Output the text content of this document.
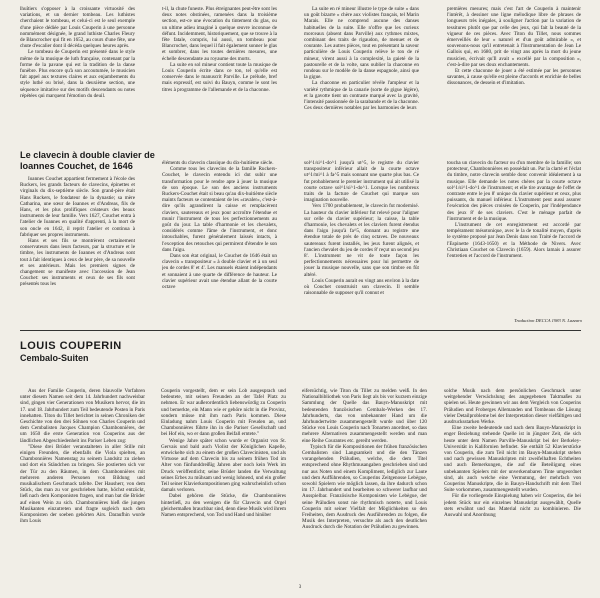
lhuîtiers s'opposer à la croissante virtuosité des variations, et un dernier tombeau. Les luthistes cherchaient le tombeau, et celui-ci est le seul exemple d'une pièce dédiée par Louis Couperin à une personne nommément désignée, le grand luthiste Charles Fleury de Blancrocher qui fit en 1652, au cours d'une fête, une chute d'escalier dont il décéda quelques heures après.

Le tombeau de Couperin est présenté dans le style même de la musique de luth française, contenant par la forme de la pavane qui est la tradition de la danse funèbre. Plus encore qu'à son accoutumée, le musicien fait appel aux textures claires et aux enjambements du style luthé ou brisé, dans la deuxième section, une séquence imitative sur des motifs descendants ou notes répétées qui marquent l'émotion du deuil.

t-il, la chute funeste. Plus étreignantes peut-être sont les deux notes obstinées, ramenées dans la troisième section, est-ce une évocation du tintement du glas, ou un ultime adieu imaginé à quelque œuvre inconnue de défunt. Incidemment, historiquement, que se trouve à la fête fatale, compris, lui aussi, un tombeau pour Blancrocher, dans lequel il fait également sonner le glas et sombrer, dans les toutes dernières mesures, une échelle descendante au royaume des morts.

La suite en sol mineur contient toute la musique de Louis Couperin écrite dans ce ton, tel qu'elle est conservée dans le manuscrit Parville. Le prélude, bref mais expressif, est suivi du Bauyn, comme le sont les titres à programme de l'allemande et de la chaconne.

La suite en ré mineur illustre le type de suite « dans un goût bizarre » chère aux violistes français, tel Marin Marais. Elle ne comprend aucune des danses habituelles de la suite. Elle n'offre que les curieux morceaux (absent dans Parville) aux rythmes mixtes, combinant des traits de rigaudon, de menuet et de courante. Les autres pièces, tout en présentant la saveur particulière de Louis Couperin relève le ton de ré mineur, virent aussi à la complexité, la gaieté de la pastourelle et de la volte, sans oublier la chaconne en rondeau sur le modèle de la danse espagnole, ainsi que la gigue.

La chaconne en particulier révèle l'ampleur et la variété rythmique de la canarie (sorte de gigue légère), et la gavotte tient un contraste marqué avec la gravité, l'intensité passionnée de la sarabande et de la chaconne. Ces deux dernières notables par les harmonies de leurs

premières mesures; mais c'est l'art de Couperin à maintenir l'intérêt, à dessiner une ligne mélodique libre de phrases de longueurs très inégales, à souligner l'action par la variation de tessitures plutôt que par celle des jeux, qui fait la beauté de la vigueur de ces pièces. Avec Titon du Tillet, nous sommes émerveillés de leur « naturel et d'un goût admirable », et souvenons-nous qu'il entretenait à l'Instrumentation de Jean Le Gallois qui, en 1680, prit de vingt ans après la mort du jeune musicien, écrivait qu'Il avait « excellé par la composition », c'est-à-dire par ses doux enchantements.

Et cette chaconne de jouer a été estimée par les personnes savantes, à cause qu'elle est pleine d'accords et enrichie de belles dissonances, de dessein et d'imitation.

Le clavecin à double clavier de Ioannes Couchet, de 1646

Ioannes Couchet appartient fermement à l'école des Ruckers, les grands facteurs de clavecins, épinettes et virginals du dix-septième siècle. Son grand-père était Hans Ruckers, le fondateur de la dynastie; sa mère Catharina, une sœur de Ioannes et d'Andreas, fils de Hans, et les plus prolifiques créateurs des beaux instruments de leur famille. Vers 1627, Couchet entra à l'atelier de Ioannes en qualité d'apprenti, à la mort de son oncle en 1642, il reprit l'atelier et continua à fabriquer ses propres instruments.

Hans et ses fils se montrèrent certainement conservateurs dans leurs facteurs, par la structure et le timbre, les instruments de Ioannes et d'Andreas sont tout à fait identiques à ceux de leur père, de sa nouvelle et ses antérieurs. Mais les premiers signes de changement se manifeste avec l'accession de Jean Couchet: ses instruments et ceux de ses fils sont présentés tous les

éléments du clavecin classique du dix-huitième siècle.

Comme tous les clavecins de la famille Ruckers-Couchet, le clavecin entendu ici dut subir une transformation pour le rendre apte à jouer la musique de son époque. Le son des anciens instruments Ruckers-Couchet était si beau qu'au dix-huitième siècle maints facteurs se contentaient de les «ravaler», c'est-à-dire qu'ils agrandirent la caisse et remplacèrent claviers, sautereaux et jeux pour accroître l'étendue et munir l'instrument de tous les perfectionnements au goût du jour. La table d'harmonie et les chevalets, considérés comme l'âme de l'instrument, et donc intouchables, furent généralement laissés intacts, à l'exception des retouches qui permirent d'étendre le son dans l'aigu.

Dans son état original, le Couchet de 1646 était un clavecin « transpositeur » à double clavier et à un seul jeu de cordes 8' et 4'. Les manuels étaient indépendants et sonnaient à une quarte de différence de hauteur. Le clavier supérieur avait une étendue allant de la courte octave

sol^1/si^1-do^1 jusqu'à ut^5, le registre du clavier transpositeur inférieur allait de la courte octave ut^1/mi^1 à fa^5 mais sonnant une quarte plus bas. Ce fut probablement le premier instrument qui ait utilisé la courte octave sol^1/si^1-do^1. Lorsque les nombreux traits de la facture de Couchet qui marque son imagination nouvelle.

Vers 1700 probablement, le clavecin fut modernisé. La hauteur du clavier inférieur fut relevé pour l'aligner sur celle du clavier supérieur; la caisse, la table d'harmonie, les chevalets et les claviers furent étendus dans l'aigu jusqu'à fa^5, donnant au registre une étendue totale de près de cinq octaves. De nouveaux sautereaux furent installés, les jeux furent alignés, et l'ancien chevalet du jeu de cordes 8' reçut un second jeu 8'. L'instrument ne vit de toute façon les perfectionnements nécessaires pour lui permettre de jouer la musique nouvelle, sans que son timbre en fût altéré.

Louis Couperin aurait eu vingt ans environ à la date où Couchet construisit son clavecin. Il semble raisonnable de supposer qu'il connut et

toucha un clavecin du facteur ou d'un membre de la famille; son protecteur, Chambonnières en possédait un. Par la clarté et l'éclat du timbre, notre clavecin semble donc convenir idéalement à sa musique. Elle demande les notes chères par la courte octave sol^1/si^1-do^1 de l'instrument; et elle tire avantage de l'effet de contraste entre le jeu 8' unique du clavier supérieur et ceux, plus puissants, du manuel inférieur. L'instrument peut aussi assurer l'exécution des pièces croisées de Couperin, par l'indépendance des jeux 8' de ses claviers. C'est le ménage parfait de l'instrument et de la musique.

L'instrument de cet enregistrement est accordé par tempérament mésotonique, avec le la de tonalité moyen, d'après le système proposé par Jean Denis dans son Traité de l'accord de l'Espinette (1643-1650) et la Méthode de Nivers. Avec Christiaan Couchet on Clavecin (1659). Alors lamais à assurer l'entretien et l'accord de l'instrument.

Traduction DECCA 1983 N. Lazzaro
LOUIS COUPERIN
Cembalo-Suiten

Aus der Familie Couperin, deren blauvolle Vorfahren unter diesem Namen seit dem 14. Jahrhundert nachweisbar sind, gingen vier Generationen von Musikern hervor, die im 17. und 18. Jahrhundert zum Teil bedeutende Posten in Paris innehatten. Titon du Tillet berichtet in seinen Chroniken der Geschichte von den drei Söhnen von Charles Couperin und dem Cembalisten Jacques Champion Chambonnières, der um 1650 die erste Generation von Couperins aus der ländlichen Abgeschiedenheit ins Pariser Leben zog:

"Diese drei Brüder veranstalteten in aller Stille mit einigen Freunden, die ebenfalls die Viola spielten, an Chambonnières Namenstag zu seinem Landsitz zu ziehen und dort ein Ständchen zu bringen. Sie postierten sich vor der Tür zu den Räumen, in dem Chambonnières mit mehreren anderen Personen von Bildung und musikalischem Geschmack tafelte. Der Hausherr, von dem Stück, das man zu vor geschrieben hatte, höchst entzückt, ließ nach dem Komponisten fragen, und man bat die Brüder auf einen Wein zu sich. Chambonnières hieß die jungen Musikanten einzutreten und fragte sogleich nach dem Komponisten der soeben gehörten Airs. Daraufhin wurde ihm Louis

Couperin vorgestellt, dem er sein Lob ausgesprach und bedeutete, mit seinen Freunden an der Tafel Platz zu nehmen. Er war außerordentlich liebenswürdig zu Couperin und bemerkte, ein Mann wie er gehöre nicht in die Provinz, sondern müsse mit ihm nach Paris kommen. Diese Einladung nahm Louis Couperin mit Freuden an, und Chambonnières führte ihn in die Pariser Gesellschaft und bei Hof ein, wo er dann großen Beifall erntete."

Wenige Jahre später schon wurde er Organist von St. Gervais und bald auch Violist der Königlichen Kapelle, entwickelte sich zu einem der großen Clavecinisten, und als Virtuose auf dem Clavecin bis zu seinem frühen Tod im Alter von fünfunddreißig Jahren aber noch kein Werk im Druck veröffentlicht; seine Brüder landen die Verwaltung seines Erbes zu mühsam und wenig lohnend, und ein großer Teil seiner Klavierkompositionen ging wahrscheinlich schon damals verloren.

Dabei gehören die Stücke, die Chambonnières hinterließ, zu den wenigen die für Clavecin und Orgel gleichermaßen brauchbar sind, denn diese Musik wird ihrem Namen entsprechend, von Tod und Hand und hinüber

eifersüchtig, wie Titon du Tillet zu melden weiß. In den Nationalbibliothek von Paris liegt als bis vor kurzem einzige Sammlung der Quelle das Bauyn-Manuskript mit bedeutenden französischen Cembalo-Werken des 17. Jahrhunderts, das von unbekannter Hand um die Jahrhundertwitte zusammengestellt wurde und über 120 Stücke von Louis Couperin nach Tonarten anordnet, so dass mehrere Alternativen zusammengestellt werden und man eine Reihe Courantes etc. gereiht werden.

Typisch für die Kompositionen der frühen französischen Cembalisten sind Langsamkeit und die den Tänzen vorangehenden Präludien, welche, die dem Titel entsprechend ohne Rhythmusangaben geschrieben sind und nur aus Noten und einem Kompliment, lediglich zur Laute und dem Aufführenden, so Couperins Zeitgenosse Lebègue, sowohl Spielern wie möglich lassen, da ihre dadurch schon im 17. Jahrhundert und bearbeiten so schwerer laufbar und Ausspielbar. Französische Komponisten wie Lebègue, der seine Präludien sonst nie rhythmisch noterte, und Louis Couperin mit seiner Vielfalt der Möglichkeiten so den Freiheiten, dem Ausdruck des Ausführenden zu folgen, die Musik des Interpreten, versuchte als auch den deutlichen Ausdruck durch die Notation der Präludien zu gewinnen.

solche Musik nach dem persönlichen Geschmack unter weitgehender Verwächslung des angegebenen Taktmaßes zu spielen sei. Heute gewinnen wir aus dem Vergleich von Couperins Präludien und Froberges Allemanden und Tombeaus die Lösung vieler Detailprobleme bei der Interpretation dieser vielfältigen und ausdrucksstarken Werke.

Eine zweite bedeutende und nach dem Bauyn-Manuskript in enger Beziehung stehende Quelle ist in jüngster Zeit, die sich heute unter dem Namen Parville-Manuskript bei der Berkeley-Universität in Kalifornien befindet. Sie enthält 52 Klavierstücke von Couperin, die zum Teil nicht im Bauyn-Manuskript stehen und nach gewissen Manuskripten mit zweifelhaften Echtheiten und auch Bemerkungen, die auf die Beteiligung eines unbekannten Spielers mit der unverkennbaren Tinte umgeordnet sind, als auch welche eine Vermutung, der mehrfach von Couperins Manuskripte, die in Bauyn-Handschrift mit dem Titel Suite vorkommen, zusammengestellt wurden.

Für die vorliegende Einspielung haben wir Couperins, die bei jedem Stück nur ein einzelnes Manuskript ausgewählt, Quelle stets erwähnt und das Material nicht zu kombinieren. Die Auswahl und Anordnung

3
